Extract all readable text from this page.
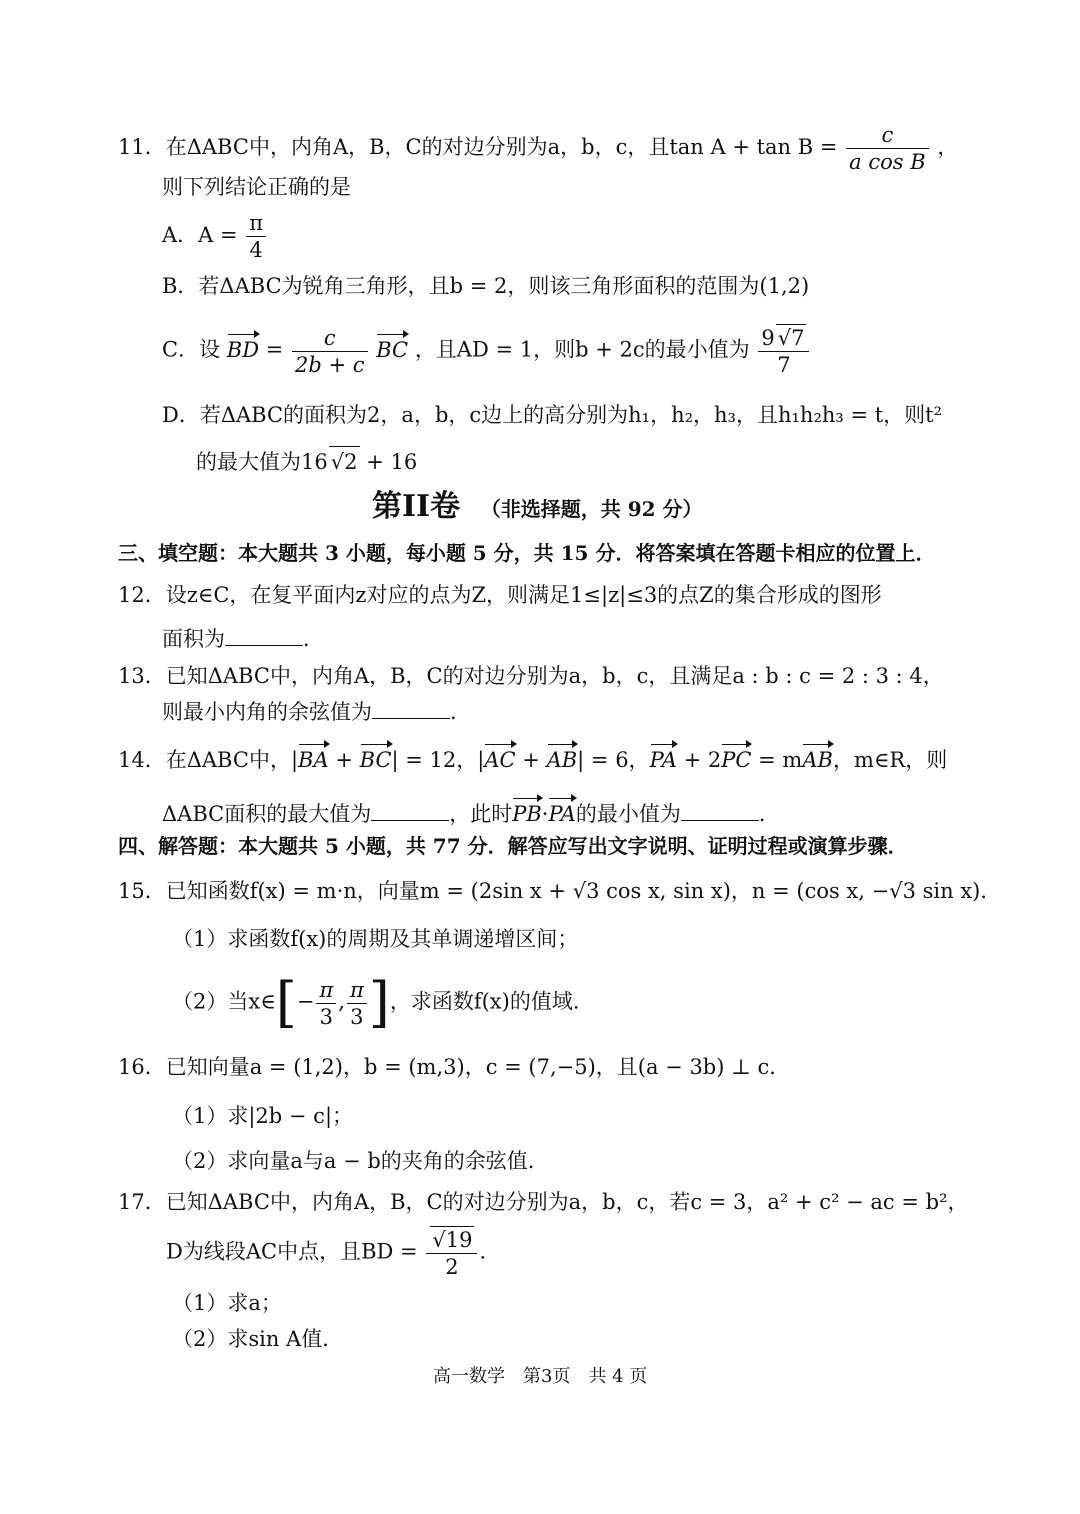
11．在ΔABC中，内角A，B，C的对边分别为a，b，c，且$\tan A + \tan B = \frac{c}{\text{a cos B}}$ ，
则下列结论正确的是
A．$A = \frac{\pi}{4}$
B．若ΔABC为锐角三角形，且b = 2，则该三角形面积的范围为(1,2)
C．设 BD = $\frac{c}{2b + c}$ BC ，且AD = 1，则b + 2c的最小值为 $\frac{9 √ 7}{7}$
D．若ΔABC的面积为2，a，b，c边上的高分别为h₁，h₂，h₃，且h₁h₂h₃ = t，则t²
的最大值为16 √ 2 + 16
第II卷 （非选择题，共 92 分）
三、填空题：本大题共 3 小题，每小题 5 分，共 15 分．将答案填在答题卡相应的位置上．
12．设z∈C，在复平面内z对应的点为Z，则满足1≤|z|≤3的点Z的集合形成的图形
面积为	．
13．已知ΔABC中，内角A，B，C的对边分别为a，b，c，且满足a : b : c = 2 : 3 : 4，
则最小内角的余弦值为	．
14．在ΔABC中，|BA + BC| = 12，|AC + AB| = 6，PA + 2PC = mAB，m∈R，则
ΔABC面积的最大值为	，此时PB·PA的最小值为	．
四、解答题：本大题共 5 小题，共 77 分．解答应写出文字说明、证明过程或演算步骤．
15．已知函数f(x) = m·n，向量m = (2sin x + √3 cos x, sin x)，n = (cos x, −√3 sin x)．
（1）求函数f(x)的周期及其单调递增区间；
（2）当x∈[− $\frac{\pi}{3}$ , $\frac{\pi}{3}$ ]，求函数f(x)的值域．
16．已知向量a = (1,2)，b = (m,3)，c = (7,−5)，且(a − 3b) ⊥ c．
（1）求|2b − c|；
（2）求向量a与a − b的夹角的余弦值．
17．已知ΔABC中，内角A，B，C的对边分别为a，b，c，若c = 3，a² + c² − ac = b²，
D为线段AC中点，且BD = √ $\frac{19}{2}$ ．
（1）求a；
（2）求sin A值．
高一数学　第3页　共 4 页
